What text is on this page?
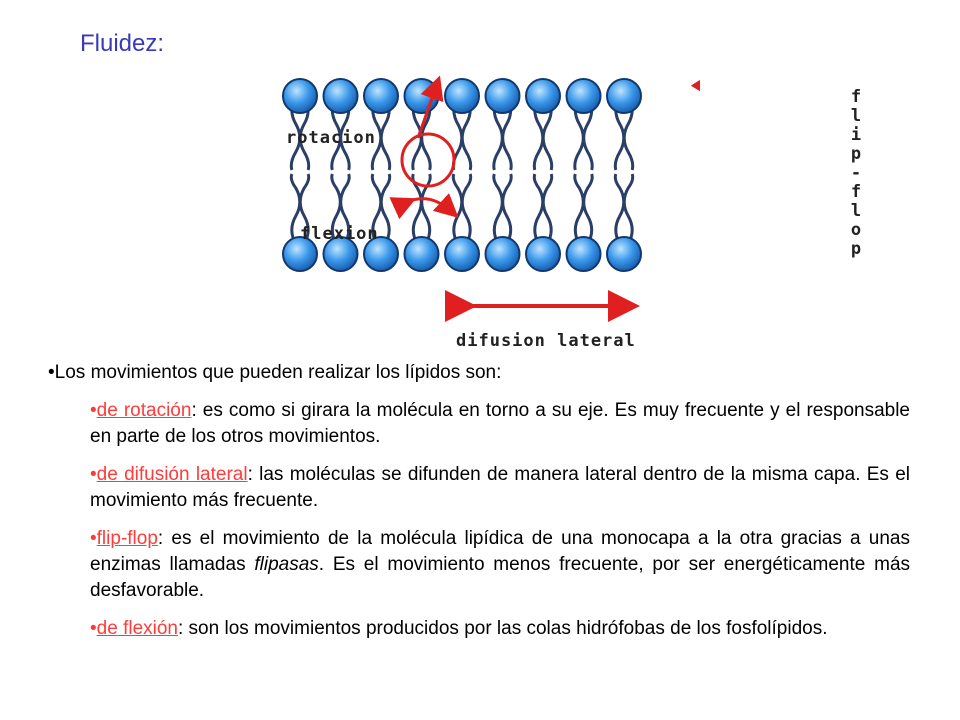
Fluidez:
rotacion
flexion
difusion lateral
f
l
i
p
-
f
l
o
p

•Los movimientos que pueden realizar los lípidos son:

•de rotación: es como si girara la molécula en torno a su eje. Es muy frecuente y el responsable en parte de los otros movimientos.

•de difusión lateral: las moléculas se difunden de manera lateral dentro de la misma capa. Es el movimiento más frecuente.

•flip-flop: es el movimiento de la molécula lipídica de una monocapa a la otra gracias a unas enzimas llamadas flipasas. Es el movimiento menos frecuente, por ser energéticamente más desfavorable.

•de flexión: son los movimientos producidos por las colas hidrófobas de los fosfolípidos.
